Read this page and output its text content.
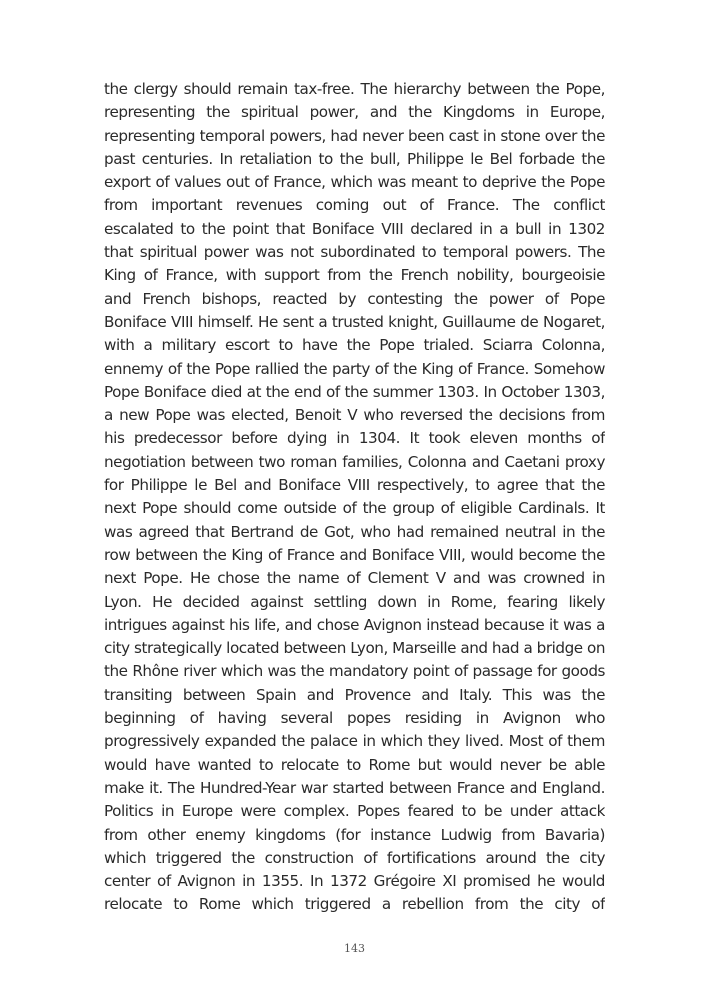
the clergy should remain tax-free. The hierarchy between the Pope,
representing the spiritual power, and the Kingdoms in Europe,
representing temporal powers, had never been cast in stone over the
past centuries. In retaliation to the bull, Philippe le Bel forbade the
export of values out of France, which was meant to deprive the Pope
from important revenues coming out of France. The conflict
escalated to the point that Boniface VIII declared in a bull in 1302
that spiritual power was not subordinated to temporal powers. The
King of France, with support from the French nobility, bourgeoisie
and French bishops, reacted by contesting the power of Pope
Boniface VIII himself. He sent a trusted knight, Guillaume de Nogaret,
with a military escort to have the Pope trialed. Sciarra Colonna,
ennemy of the Pope rallied the party of the King of France. Somehow
Pope Boniface died at the end of the summer 1303. In October 1303,
a new Pope was elected, Benoit V who reversed the decisions from
his predecessor before dying in 1304. It took eleven months of
negotiation between two roman families, Colonna and Caetani proxy
for Philippe le Bel and Boniface VIII respectively, to agree that the
next Pope should come outside of the group of eligible Cardinals. It
was agreed that Bertrand de Got, who had remained neutral in the
row between the King of France and Boniface VIII, would become the
next Pope. He chose the name of Clement V and was crowned in
Lyon. He decided against settling down in Rome, fearing likely
intrigues against his life, and chose Avignon instead because it was a
city strategically located between Lyon, Marseille and had a bridge on
the Rhône river which was the mandatory point of passage for goods
transiting between Spain and Provence and Italy. This was the
beginning of having several popes residing in Avignon who
progressively expanded the palace in which they lived. Most of them
would have wanted to relocate to Rome but would never be able
make it. The Hundred-Year war started between France and England.
Politics in Europe were complex. Popes feared to be under attack
from other enemy kingdoms (for instance Ludwig from Bavaria)
which triggered the construction of fortifications around the city
center of Avignon in 1355. In 1372 Grégoire XI promised he would
relocate to Rome which triggered a rebellion from the city of
143
